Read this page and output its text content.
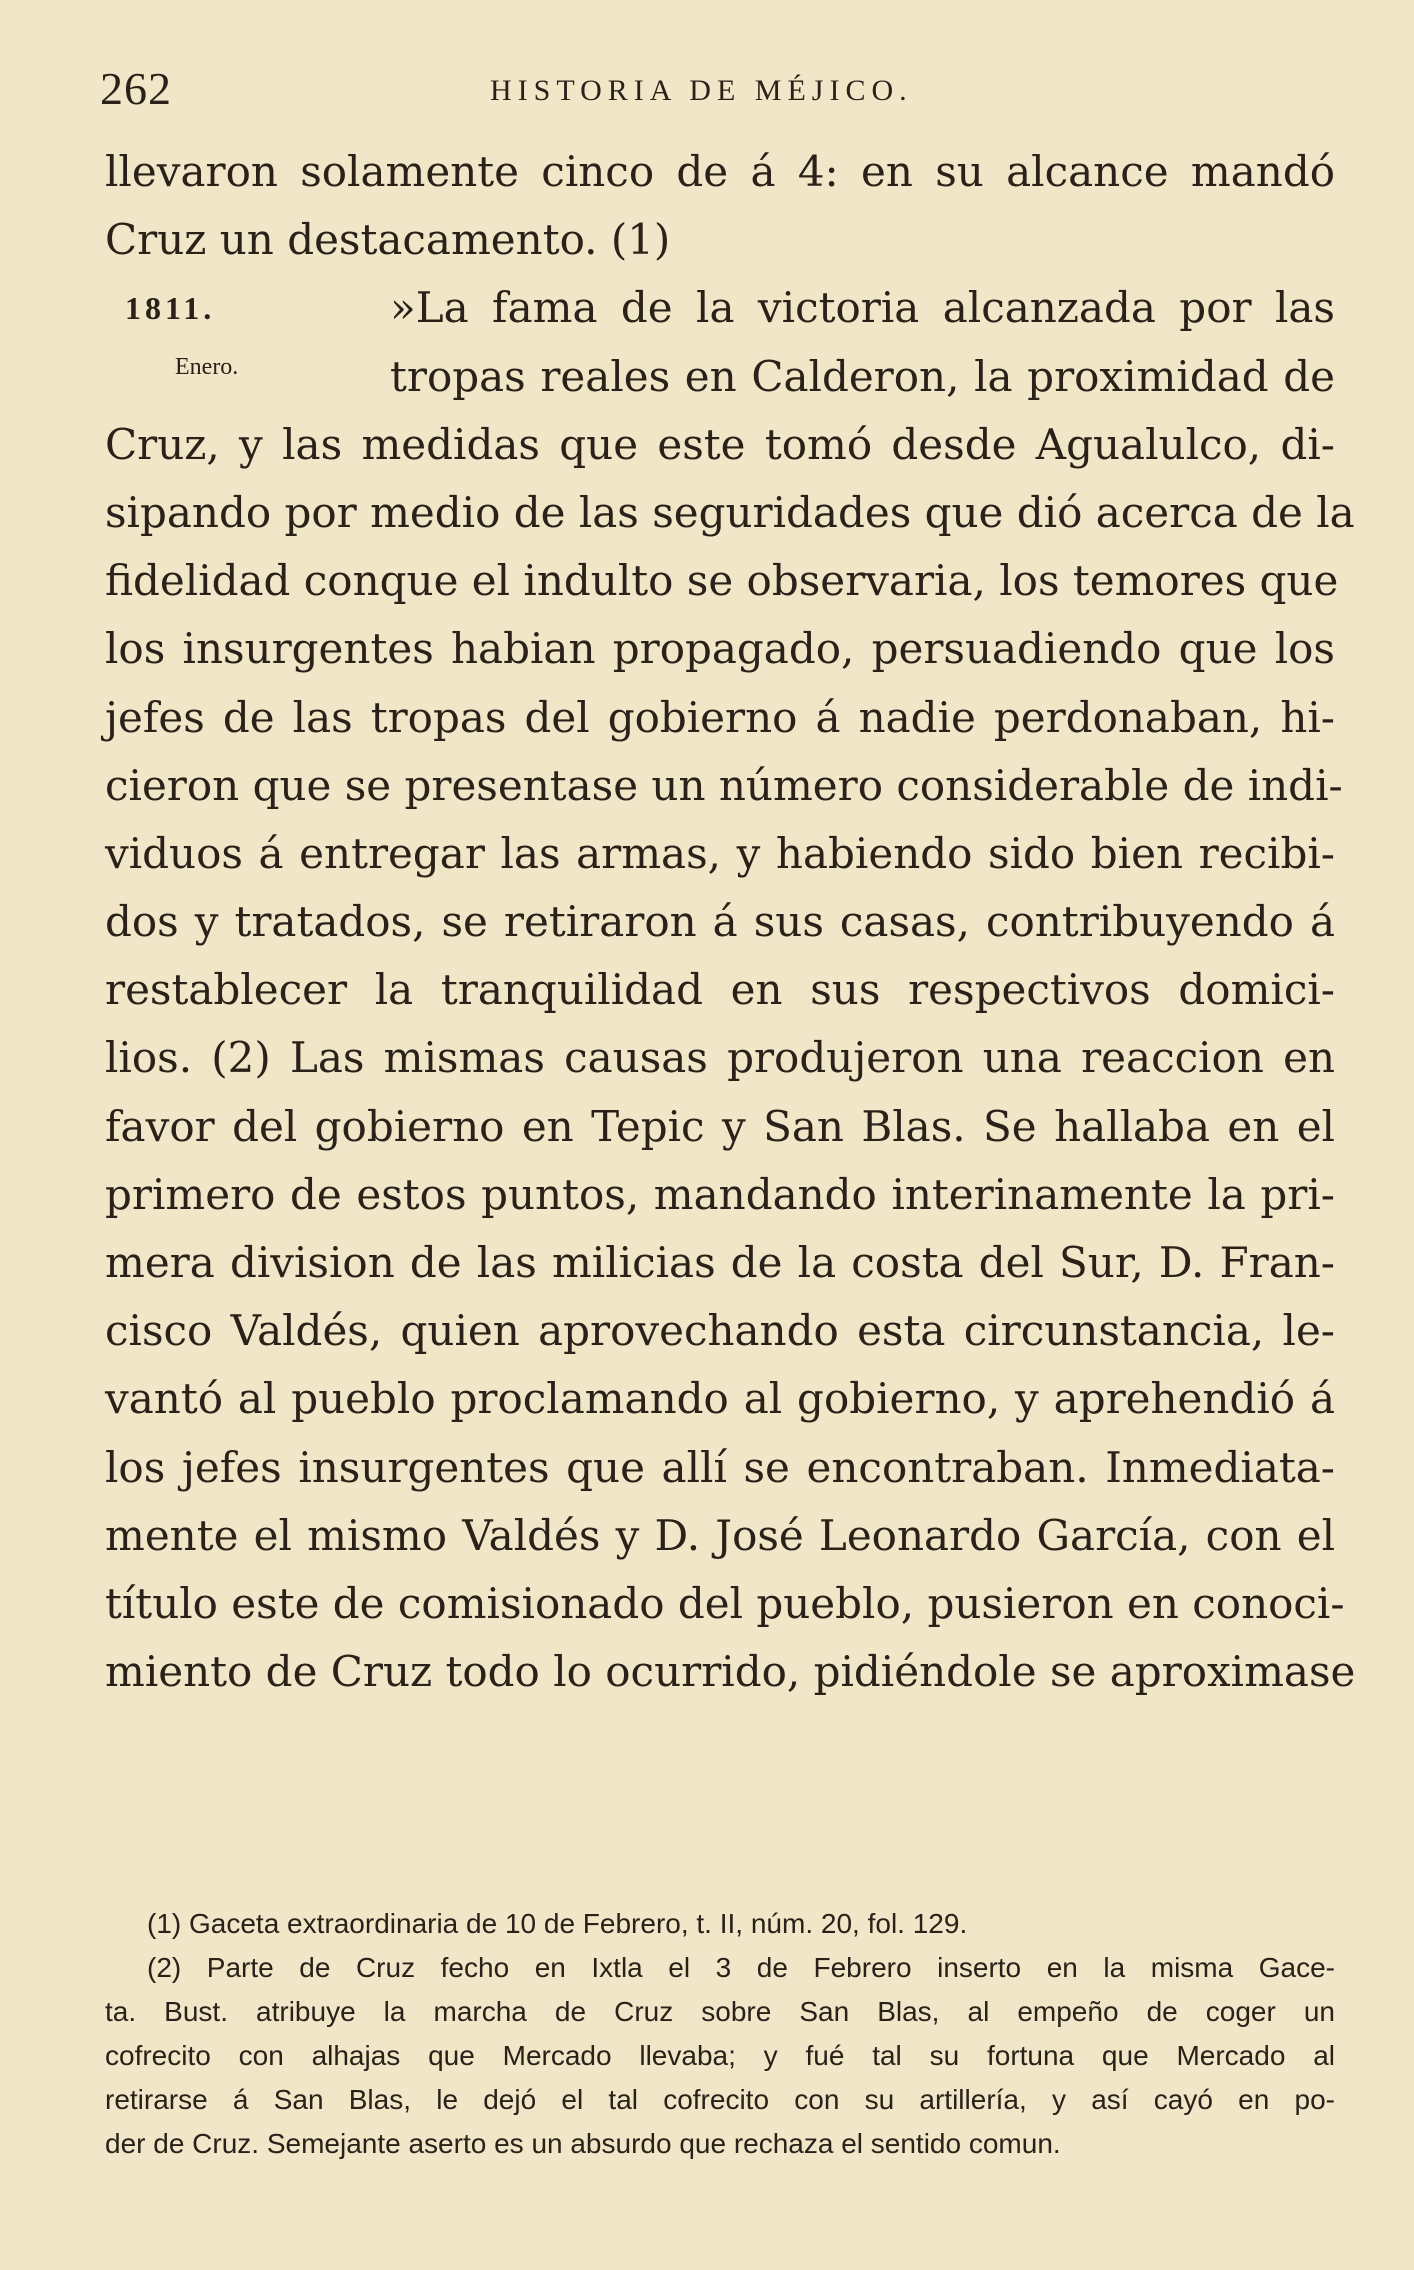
262	HISTORIA DE MÉJICO.
1811.
Enero.
llevaron solamente cinco de á 4: en su alcance mandó
Cruz un destacamento. (1)
»La fama de la victoria alcanzada por las
tropas reales en Calderon, la proximidad de
Cruz, y las medidas que este tomó desde Agualulco, di-
sipando por medio de las seguridades que dió acerca de la
fidelidad conque el indulto se observaria, los temores que
los insurgentes habian propagado, persuadiendo que los
jefes de las tropas del gobierno á nadie perdonaban, hi-
cieron que se presentase un número considerable de indi-
viduos á entregar las armas, y habiendo sido bien recibi-
dos y tratados, se retiraron á sus casas, contribuyendo á
restablecer la tranquilidad en sus respectivos domici-
lios. (2) Las mismas causas produjeron una reaccion en
favor del gobierno en Tepic y San Blas. Se hallaba en el
primero de estos puntos, mandando interinamente la pri-
mera division de las milicias de la costa del Sur, D. Fran-
cisco Valdés, quien aprovechando esta circunstancia, le-
vantó al pueblo proclamando al gobierno, y aprehendió á
los jefes insurgentes que allí se encontraban. Inmediata-
mente el mismo Valdés y D. José Leonardo García, con el
título este de comisionado del pueblo, pusieron en conoci-
miento de Cruz todo lo ocurrido, pidiéndole se aproximase
(1) Gaceta extraordinaria de 10 de Febrero, t. II, núm. 20, fol. 129.
(2) Parte de Cruz fecho en Ixtla el 3 de Febrero inserto en la misma Gace-
ta. Bust. atribuye la marcha de Cruz sobre San Blas, al empeño de coger un
cofrecito con alhajas que Mercado llevaba; y fué tal su fortuna que Mercado al
retirarse á San Blas, le dejó el tal cofrecito con su artillería, y así cayó en po-
der de Cruz. Semejante aserto es un absurdo que rechaza el sentido comun.
